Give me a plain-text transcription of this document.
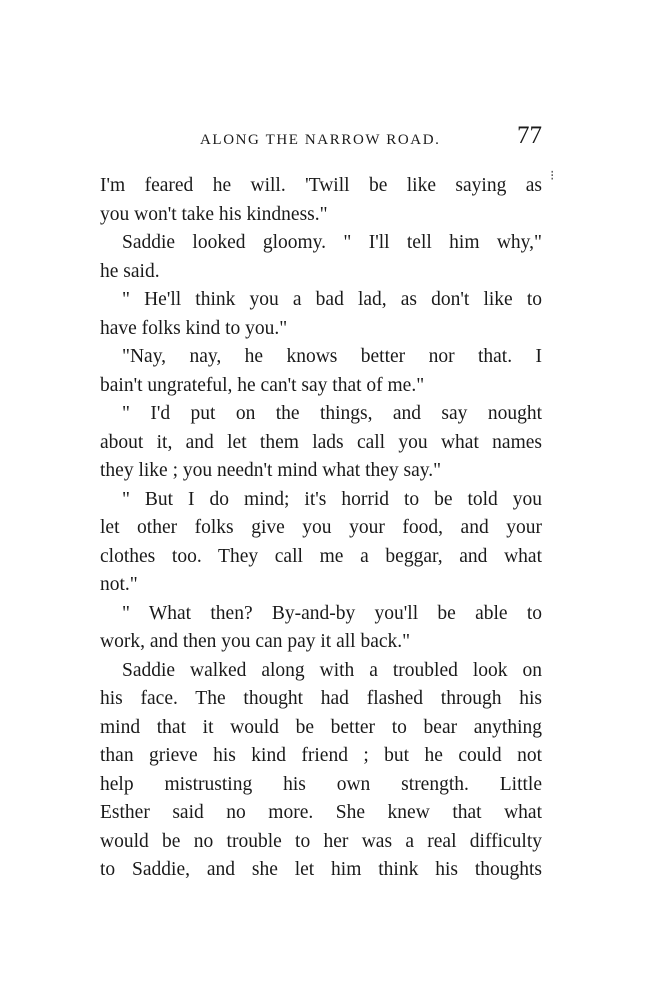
ALONG THE NARROW ROAD.	77
⁝
I'm feared he will. 'Twill be like saying as
you won't take his kindness."
Saddie looked gloomy. " I'll tell him why,"
he said.
" He'll think you a bad lad, as don't like to
have folks kind to you."
"Nay, nay, he knows better nor that. I
bain't ungrateful, he can't say that of me."
" I'd put on the things, and say nought
about it, and let them lads call you what names
they like ; you needn't mind what they say."
" But I do mind; it's horrid to be told you
let other folks give you your food, and your
clothes too. They call me a beggar, and what
not."
" What then? By-and-by you'll be able to
work, and then you can pay it all back."
Saddie walked along with a troubled look on
his face. The thought had flashed through his
mind that it would be better to bear anything
than grieve his kind friend ; but he could not
help mistrusting his own strength. Little
Esther said no more. She knew that what
would be no trouble to her was a real difficulty
to Saddie, and she let him think his thoughts
